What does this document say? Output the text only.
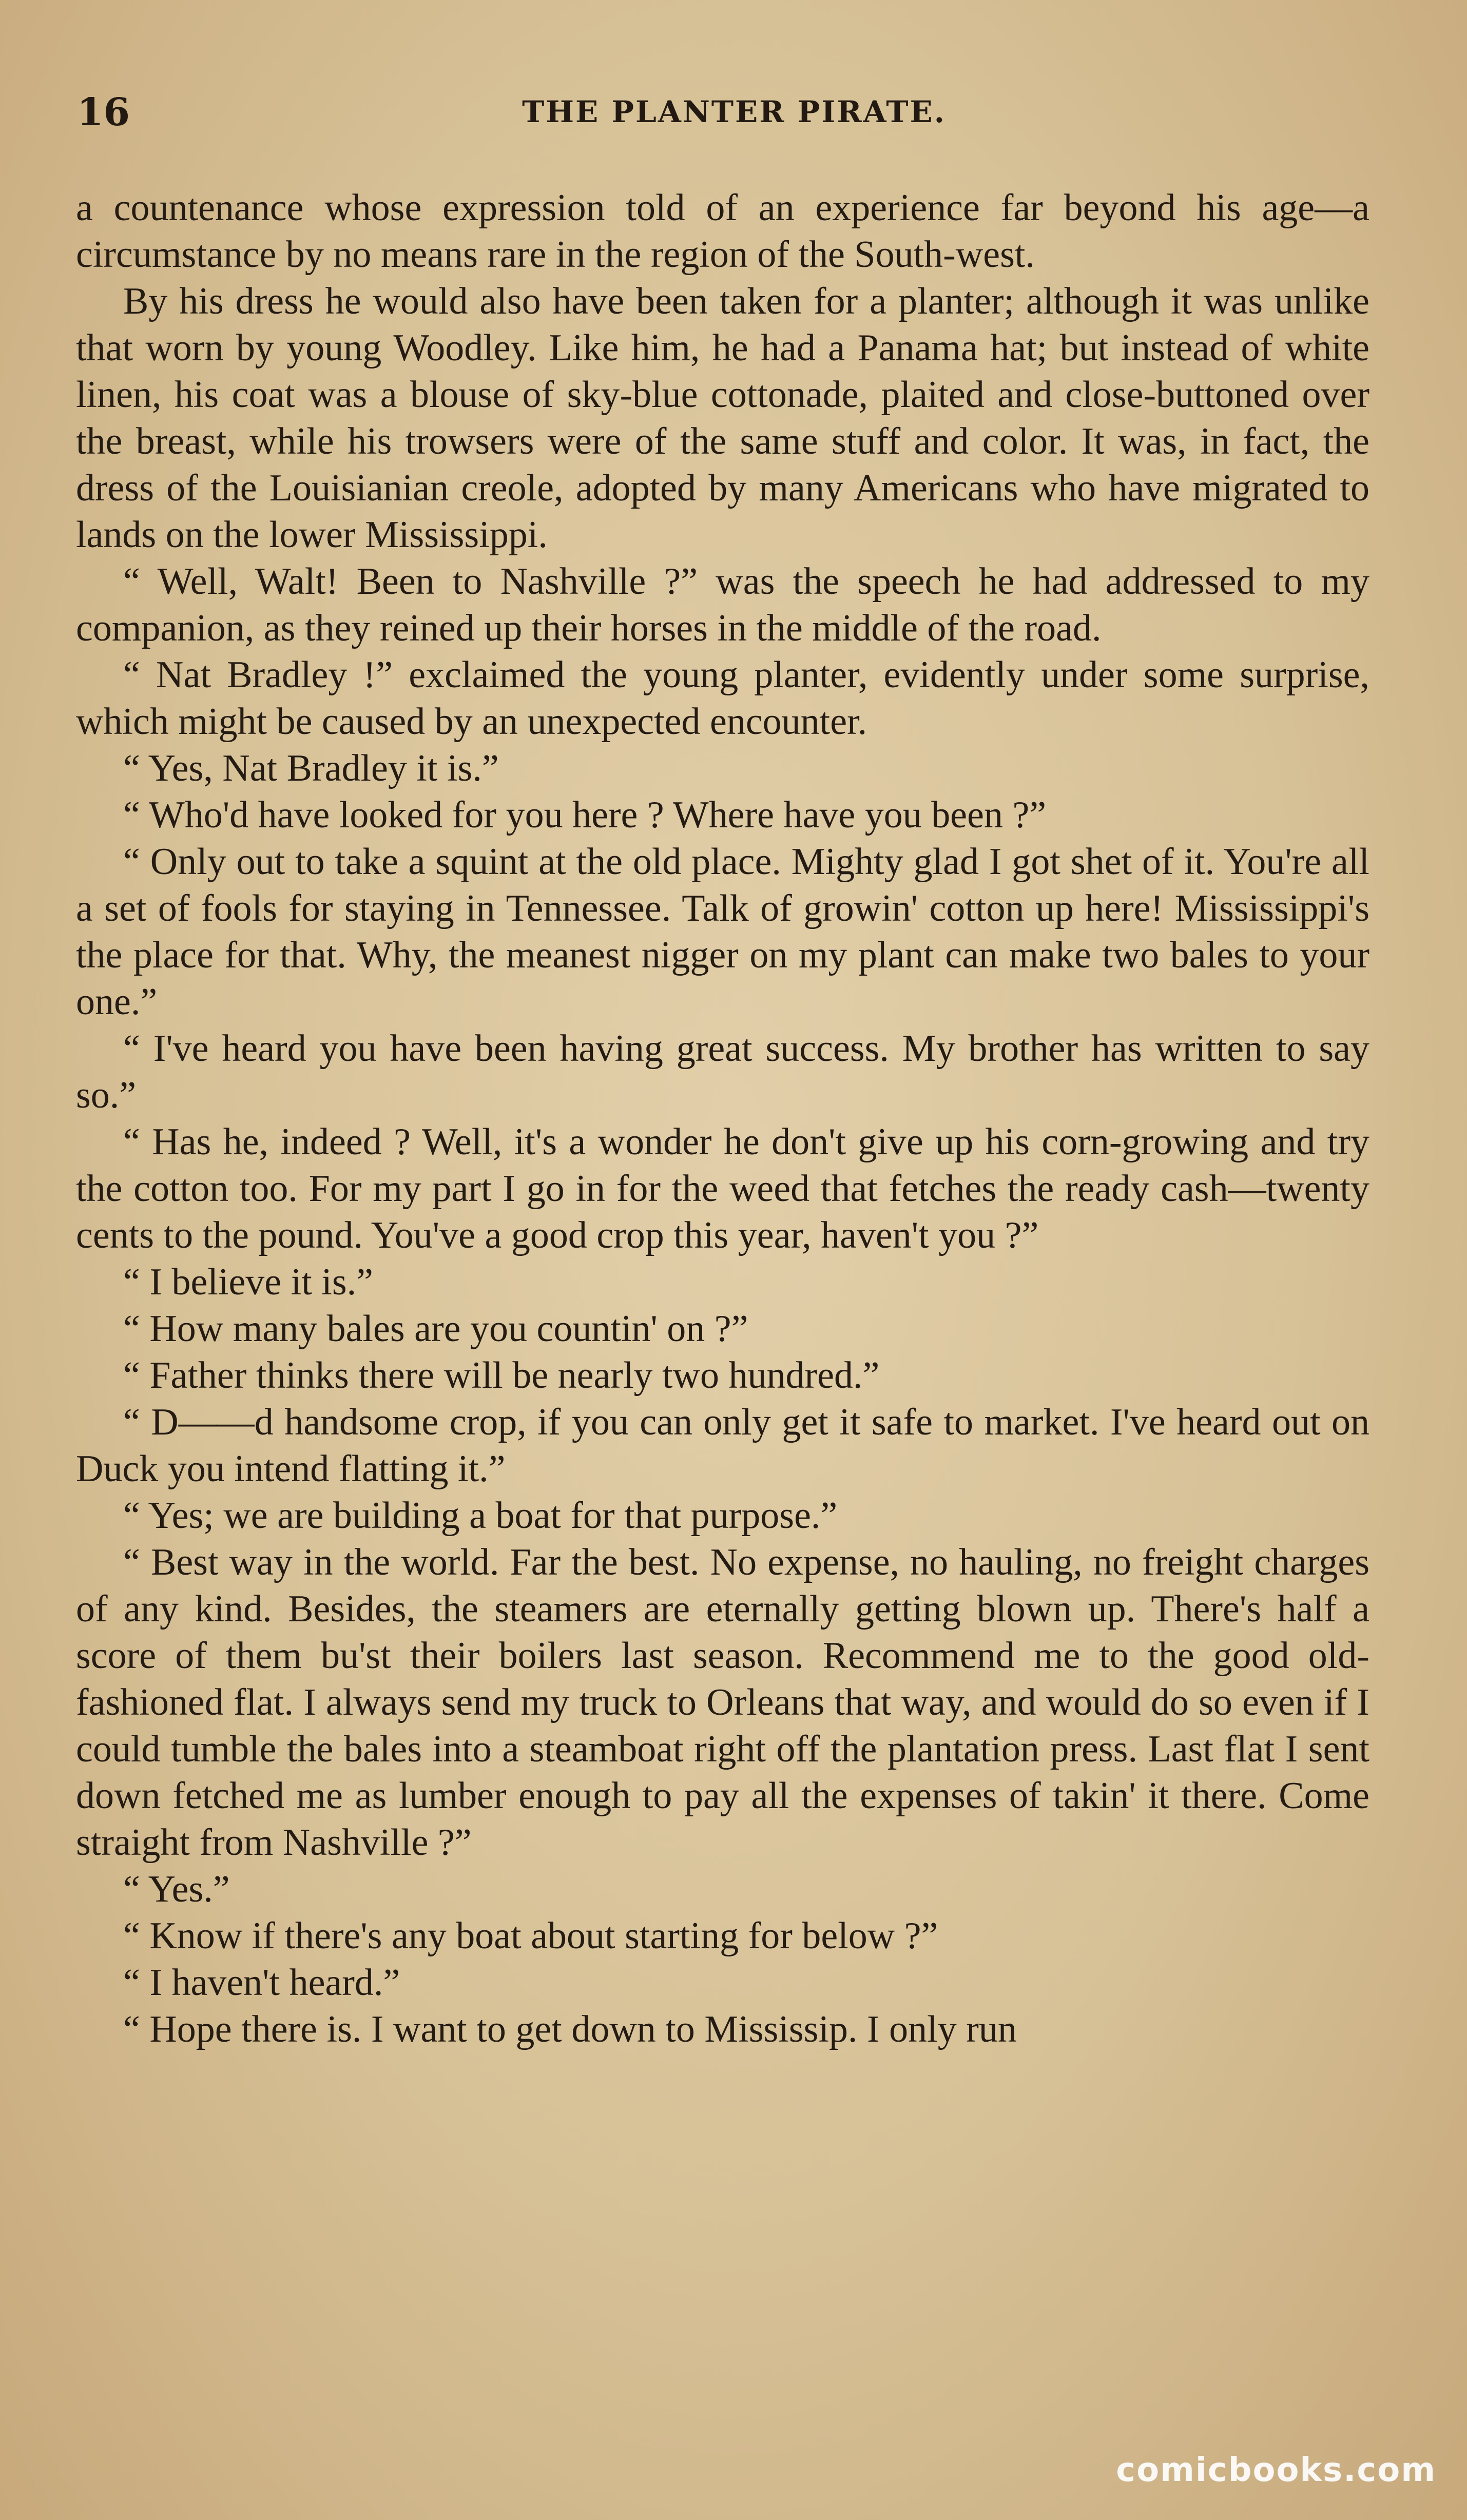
16	THE PLANTER PIRATE.

a countenance whose expression told of an experience far beyond his age—a circumstance by no means rare in the region of the South-west.

By his dress he would also have been taken for a planter; although it was unlike that worn by young Woodley. Like him, he had a Panama hat; but instead of white linen, his coat was a blouse of sky-blue cottonade, plaited and close-buttoned over the breast, while his trowsers were of the same stuff and color. It was, in fact, the dress of the Louisianian creole, adopted by many Americans who have migrated to lands on the lower Mississippi.

“ Well, Walt! Been to Nashville ?” was the speech he had addressed to my companion, as they reined up their horses in the middle of the road.

“ Nat Bradley !” exclaimed the young planter, evidently under some surprise, which might be caused by an unexpected encounter.

“ Yes, Nat Bradley it is.”

“ Who'd have looked for you here ? Where have you been ?”

“ Only out to take a squint at the old place. Mighty glad I got shet of it. You're all a set of fools for staying in Tennessee. Talk of growin' cotton up here! Mississippi's the place for that. Why, the meanest nigger on my plant can make two bales to your one.”

“ I've heard you have been having great success. My brother has written to say so.”

“ Has he, indeed ? Well, it's a wonder he don't give up his corn-growing and try the cotton too. For my part I go in for the weed that fetches the ready cash—twenty cents to the pound. You've a good crop this year, haven't you ?”

“ I believe it is.”

“ How many bales are you countin' on ?”

“ Father thinks there will be nearly two hundred.”

“ D——d handsome crop, if you can only get it safe to market. I've heard out on Duck you intend flatting it.”

“ Yes; we are building a boat for that purpose.”

“ Best way in the world. Far the best. No expense, no hauling, no freight charges of any kind. Besides, the steamers are eternally getting blown up. There's half a score of them bu'st their boilers last season. Recommend me to the good old-fashioned flat. I always send my truck to Orleans that way, and would do so even if I could tumble the bales into a steamboat right off the plantation press. Last flat I sent down fetched me as lumber enough to pay all the expenses of takin' it there. Come straight from Nashville ?”

“ Yes.”

“ Know if there's any boat about starting for below ?”

“ I haven't heard.”

“ Hope there is. I want to get down to Mississip. I only run

comicbooks.com
